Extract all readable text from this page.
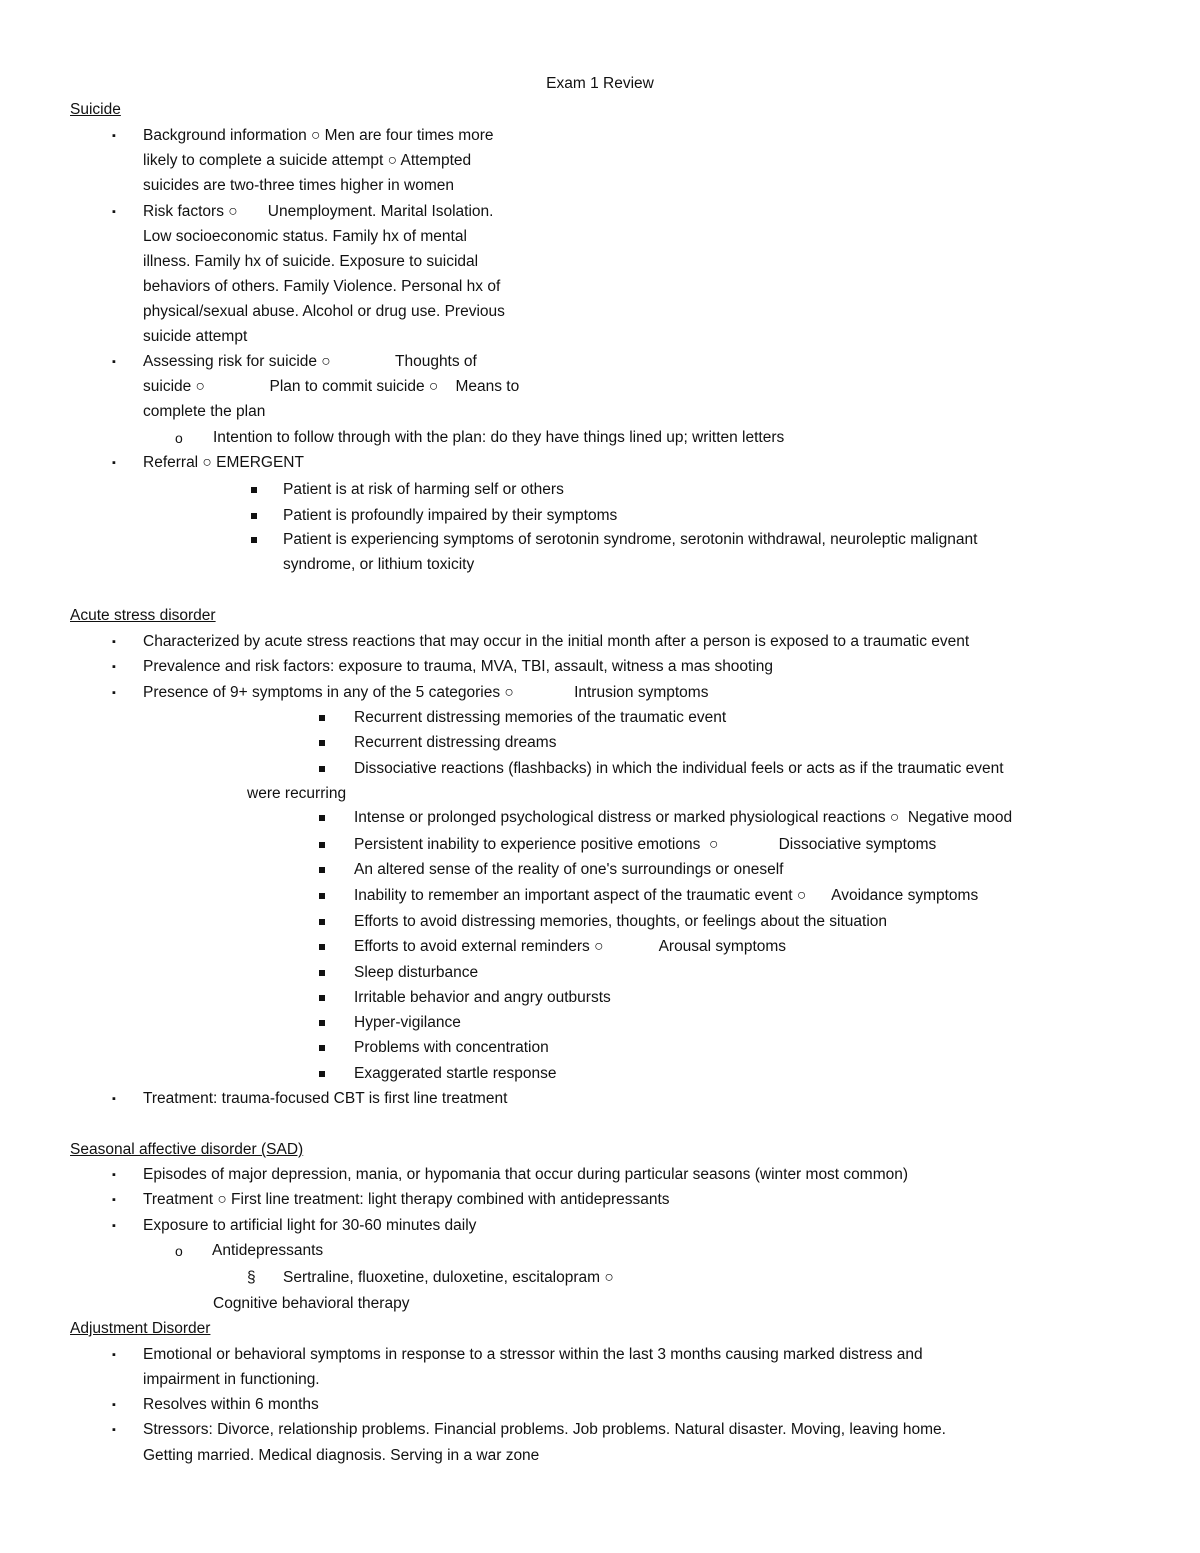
Exam 1 Review
Suicide
▪ Background information ○ Men are four times more
likely to complete a suicide attempt ○ Attempted
suicides are two-three times higher in women
▪ Risk factors ○       Unemployment. Marital Isolation.
Low socioeconomic status. Family hx of mental
illness. Family hx of suicide. Exposure to suicidal
behaviors of others. Family Violence. Personal hx of
physical/sexual abuse. Alcohol or drug use. Previous
suicide attempt
▪ Assessing risk for suicide ○               Thoughts of
suicide ○               Plan to commit suicide ○    Means to
complete the plan
o Intention to follow through with the plan: do they have things lined up; written letters
▪ Referral ○ EMERGENT
Patient is at risk of harming self or others
Patient is profoundly impaired by their symptoms
Patient is experiencing symptoms of serotonin syndrome, serotonin withdrawal, neuroleptic malignant
syndrome, or lithium toxicity
Acute stress disorder
▪ Characterized by acute stress reactions that may occur in the initial month after a person is exposed to a traumatic event
▪ Prevalence and risk factors: exposure to trauma, MVA, TBI, assault, witness a mas shooting
▪ Presence of 9+ symptoms in any of the 5 categories ○              Intrusion symptoms
Recurrent distressing memories of the traumatic event
Recurrent distressing dreams
Dissociative reactions (flashbacks) in which the individual feels or acts as if the traumatic event
were recurring
Intense or prolonged psychological distress or marked physiological reactions ○  Negative mood
Persistent inability to experience positive emotions  ○              Dissociative symptoms
An altered sense of the reality of one's surroundings or oneself
Inability to remember an important aspect of the traumatic event ○      Avoidance symptoms
Efforts to avoid distressing memories, thoughts, or feelings about the situation
Efforts to avoid external reminders ○             Arousal symptoms
Sleep disturbance
Irritable behavior and angry outbursts
Hyper-vigilance
Problems with concentration
Exaggerated startle response
▪ Treatment: trauma-focused CBT is first line treatment
Seasonal affective disorder (SAD)
▪ Episodes of major depression, mania, or hypomania that occur during particular seasons (winter most common)
▪ Treatment ○ First line treatment: light therapy combined with antidepressants
▪ Exposure to artificial light for 30-60 minutes daily
o Antidepressants
§ Sertraline, fluoxetine, duloxetine, escitalopram ○
Cognitive behavioral therapy
Adjustment Disorder
▪ Emotional or behavioral symptoms in response to a stressor within the last 3 months causing marked distress and
impairment in functioning.
▪ Resolves within 6 months
▪ Stressors: Divorce, relationship problems. Financial problems. Job problems. Natural disaster. Moving, leaving home.
Getting married. Medical diagnosis. Serving in a war zone
